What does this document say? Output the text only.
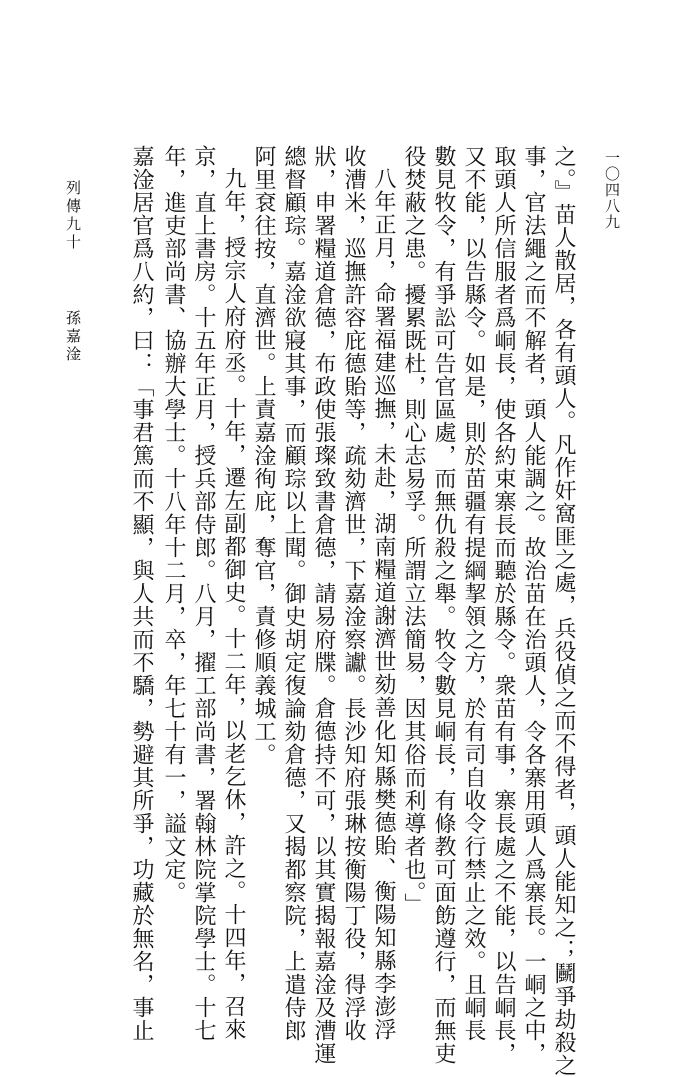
一〇四八九
之。』苗人散居，各有頭人。凡作奸窩匪之處，兵役偵之而不得者，頭人能知之；鬭爭劫殺之
事，官法繩之而不解者，頭人能調之。故治苗在治頭人，令各寨用頭人爲寨長。一峒之中，
取頭人所信服者爲峒長，使各約束寨長而聽於縣令。衆苗有事，寨長處之不能，以告峒長，
又不能，以告縣令。如是，則於苗疆有提綱挈領之方，於有司自收令行禁止之效。且峒長
數見牧令，有爭訟可告官區處，而無仇殺之舉。牧令數見峒長，有條教可面飭遵行，而無吏
役焚蔽之患。擾累既杜，則心志易孚。所謂立法簡易，因其俗而利導者也。」
八年正月，命署福建巡撫，未赴，湖南糧道謝濟世劾善化知縣樊德貽、衡陽知縣李澎浮
收漕米，巡撫許容庇德貽等，疏劾濟世，下嘉淦察讞。長沙知府張琳按衡陽丁役，得浮收
狀，申署糧道倉德，布政使張璨致書倉德，請易府牒。倉德持不可，以其實揭報嘉淦及漕運
總督顧琮。嘉淦欲寢其事，而顧琮以上聞。御史胡定復論劾倉德，又揭都察院，上遣侍郎
阿里袞往按，直濟世。上責嘉淦徇庇，奪官，責修順義城工。
九年，授宗人府府丞。十年，遷左副都御史。十二年，以老乞休，許之。十四年，召來
京，直上書房。十五年正月，授兵部侍郎。八月，擢工部尚書，署翰林院掌院學士。十七
年，進吏部尚書、協辦大學士。十八年十二月，卒，年七十有一，謚文定。
嘉淦居官爲八約，曰：「事君篤而不顯，與人共而不驕，勢避其所爭，功藏於無名，事止
列傳九十
孫嘉淦
